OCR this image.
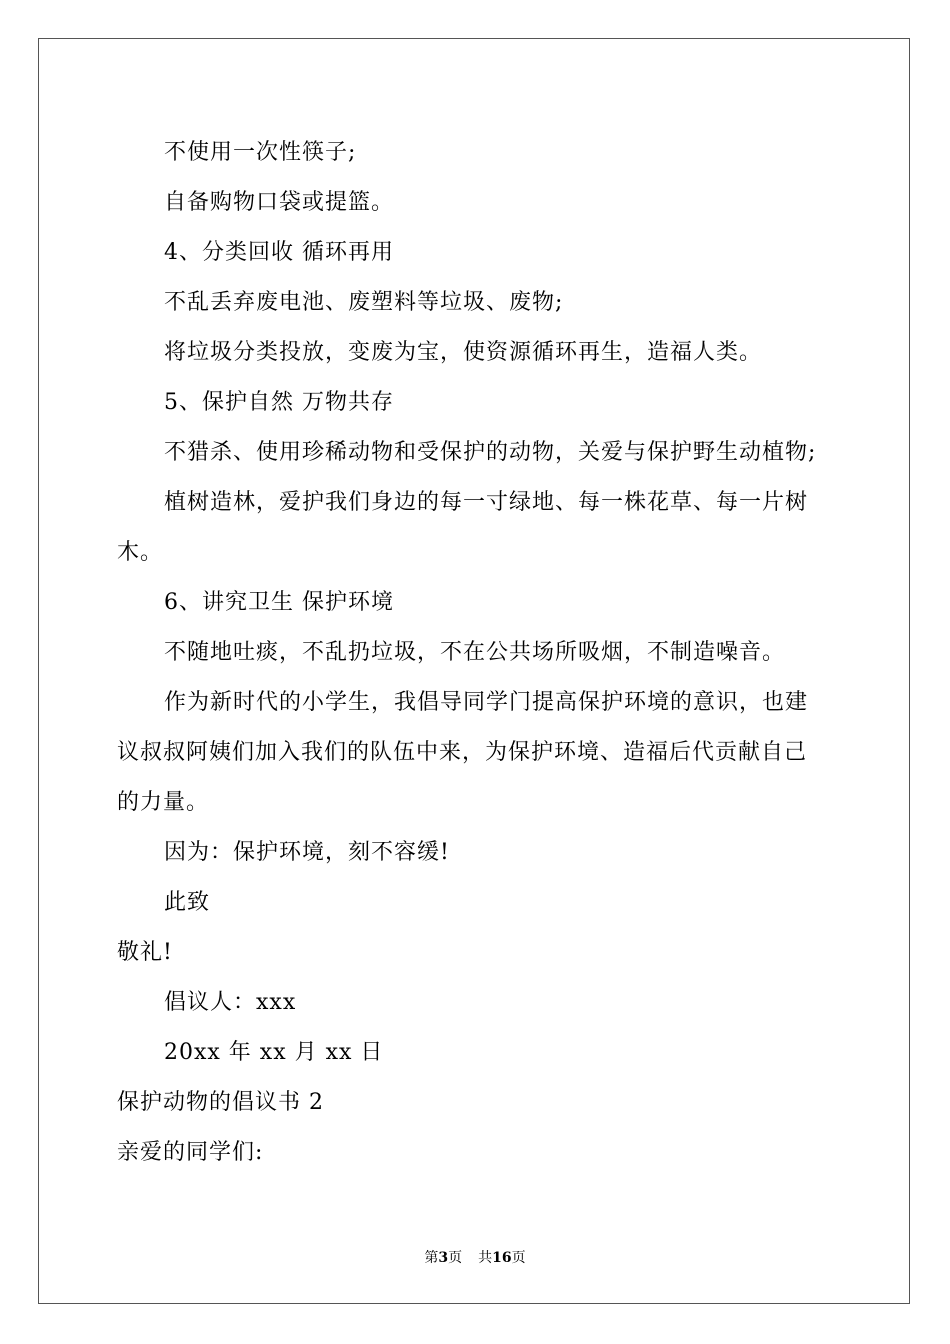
不使用一次性筷子;
自备购物口袋或提篮。
4、分类回收 循环再用
不乱丢弃废电池、废塑料等垃圾、废物;
将垃圾分类投放，变废为宝，使资源循环再生，造福人类。
5、保护自然 万物共存
不猎杀、使用珍稀动物和受保护的动物，关爱与保护野生动植物;
植树造林，爱护我们身边的每一寸绿地、每一株花草、每一片树
木。
6、讲究卫生 保护环境
不随地吐痰，不乱扔垃圾，不在公共场所吸烟，不制造噪音。
作为新时代的小学生，我倡导同学门提高保护环境的意识，也建
议叔叔阿姨们加入我们的队伍中来，为保护环境、造福后代贡献自己
的力量。
因为：保护环境，刻不容缓!
此致
敬礼!
倡议人：xxx
20xx 年 xx 月 xx 日
保护动物的倡议书 2
亲爱的同学们:
第3页 共16页
